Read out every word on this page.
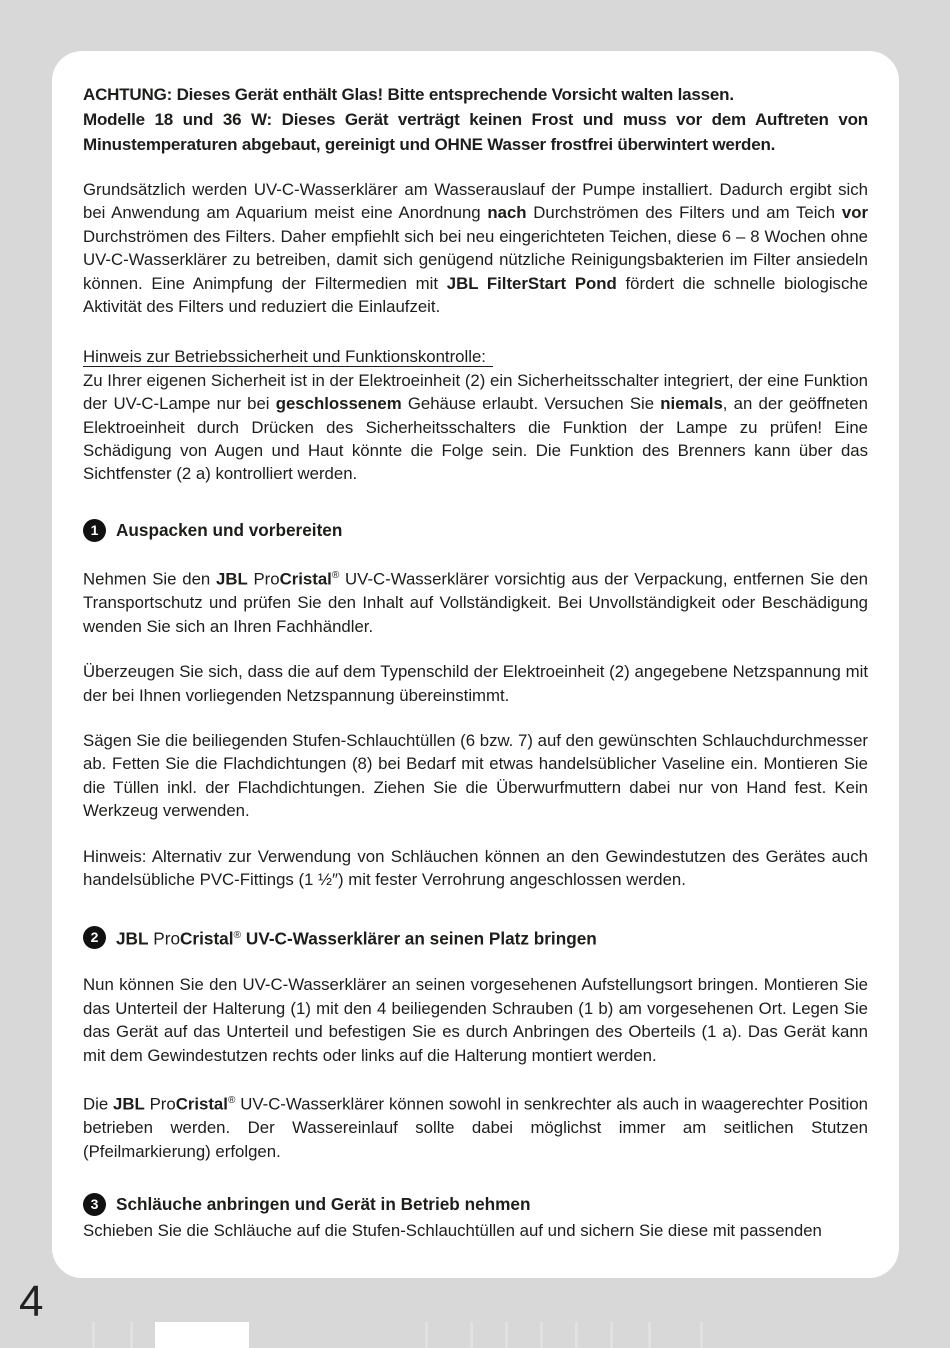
ACHTUNG: Dieses Gerät enthält Glas! Bitte entsprechende Vorsicht walten lassen.
Modelle 18 und 36 W: Dieses Gerät verträgt keinen Frost und muss vor dem Auftreten von Minustemperaturen abgebaut, gereinigt und OHNE Wasser frostfrei überwintert werden.

Grundsätzlich werden UV-C-Wasserklärer am Wasserauslauf der Pumpe installiert. Dadurch ergibt sich bei Anwendung am Aquarium meist eine Anordnung nach Durchströmen des Filters und am Teich vor Durchströmen des Filters. Daher empfiehlt sich bei neu eingerichteten Teichen, diese 6 – 8 Wochen ohne UV-C-Wasserklärer zu betreiben, damit sich genügend nützliche Reinigungsbakterien im Filter ansiedeln können. Eine Animpfung der Filtermedien mit JBL FilterStart Pond fördert die schnelle biologische Aktivität des Filters und reduziert die Einlaufzeit.

Hinweis zur Betriebssicherheit und Funktionskontrolle:

Zu Ihrer eigenen Sicherheit ist in der Elektroeinheit (2) ein Sicherheitsschalter integriert, der eine Funktion der UV-C-Lampe nur bei geschlossenem Gehäuse erlaubt. Versuchen Sie niemals, an der geöffneten Elektroeinheit durch Drücken des Sicherheitsschalters die Funktion der Lampe zu prüfen! Eine Schädigung von Augen und Haut könnte die Folge sein. Die Funktion des Brenners kann über das Sichtfenster (2 a) kontrolliert werden.

1	Auspacken und vorbereiten

Nehmen Sie den JBL ProCristal® UV-C-Wasserklärer vorsichtig aus der Verpackung, entfernen Sie den Transportschutz und prüfen Sie den Inhalt auf Vollständigkeit. Bei Unvollständigkeit oder Beschädigung wenden Sie sich an Ihren Fachhändler.

Überzeugen Sie sich, dass die auf dem Typenschild der Elektroeinheit (2) angegebene Netzspannung mit der bei Ihnen vorliegenden Netzspannung übereinstimmt.

Sägen Sie die beiliegenden Stufen-Schlauchtüllen (6 bzw. 7) auf den gewünschten Schlauchdurchmesser ab. Fetten Sie die Flachdichtungen (8) bei Bedarf mit etwas handelsüblicher Vaseline ein. Montieren Sie die Tüllen inkl. der Flachdichtungen. Ziehen Sie die Überwurfmuttern dabei nur von Hand fest. Kein Werkzeug verwenden.

Hinweis: Alternativ zur Verwendung von Schläuchen können an den Gewindestutzen des Gerätes auch handelsübliche PVC-Fittings (1 ½″) mit fester Verrohrung angeschlossen werden.

2	JBL ProCristal® UV-C-Wasserklärer an seinen Platz bringen

Nun können Sie den UV-C-Wasserklärer an seinen vorgesehenen Aufstellungsort bringen. Montieren Sie das Unterteil der Halterung (1) mit den 4 beiliegenden Schrauben (1 b) am vorgesehenen Ort. Legen Sie das Gerät auf das Unterteil und befestigen Sie es durch Anbringen des Oberteils (1 a). Das Gerät kann mit dem Gewindestutzen rechts oder links auf die Halterung montiert werden.

Die JBL ProCristal® UV-C-Wasserklärer können sowohl in senkrechter als auch in waagerechter Position betrieben werden. Der Wassereinlauf sollte dabei möglichst immer am seitlichen Stutzen (Pfeilmarkierung) erfolgen.

3	Schläuche anbringen und Gerät in Betrieb nehmen

Schieben Sie die Schläuche auf die Stufen-Schlauchtüllen auf und sichern Sie diese mit passenden

4
